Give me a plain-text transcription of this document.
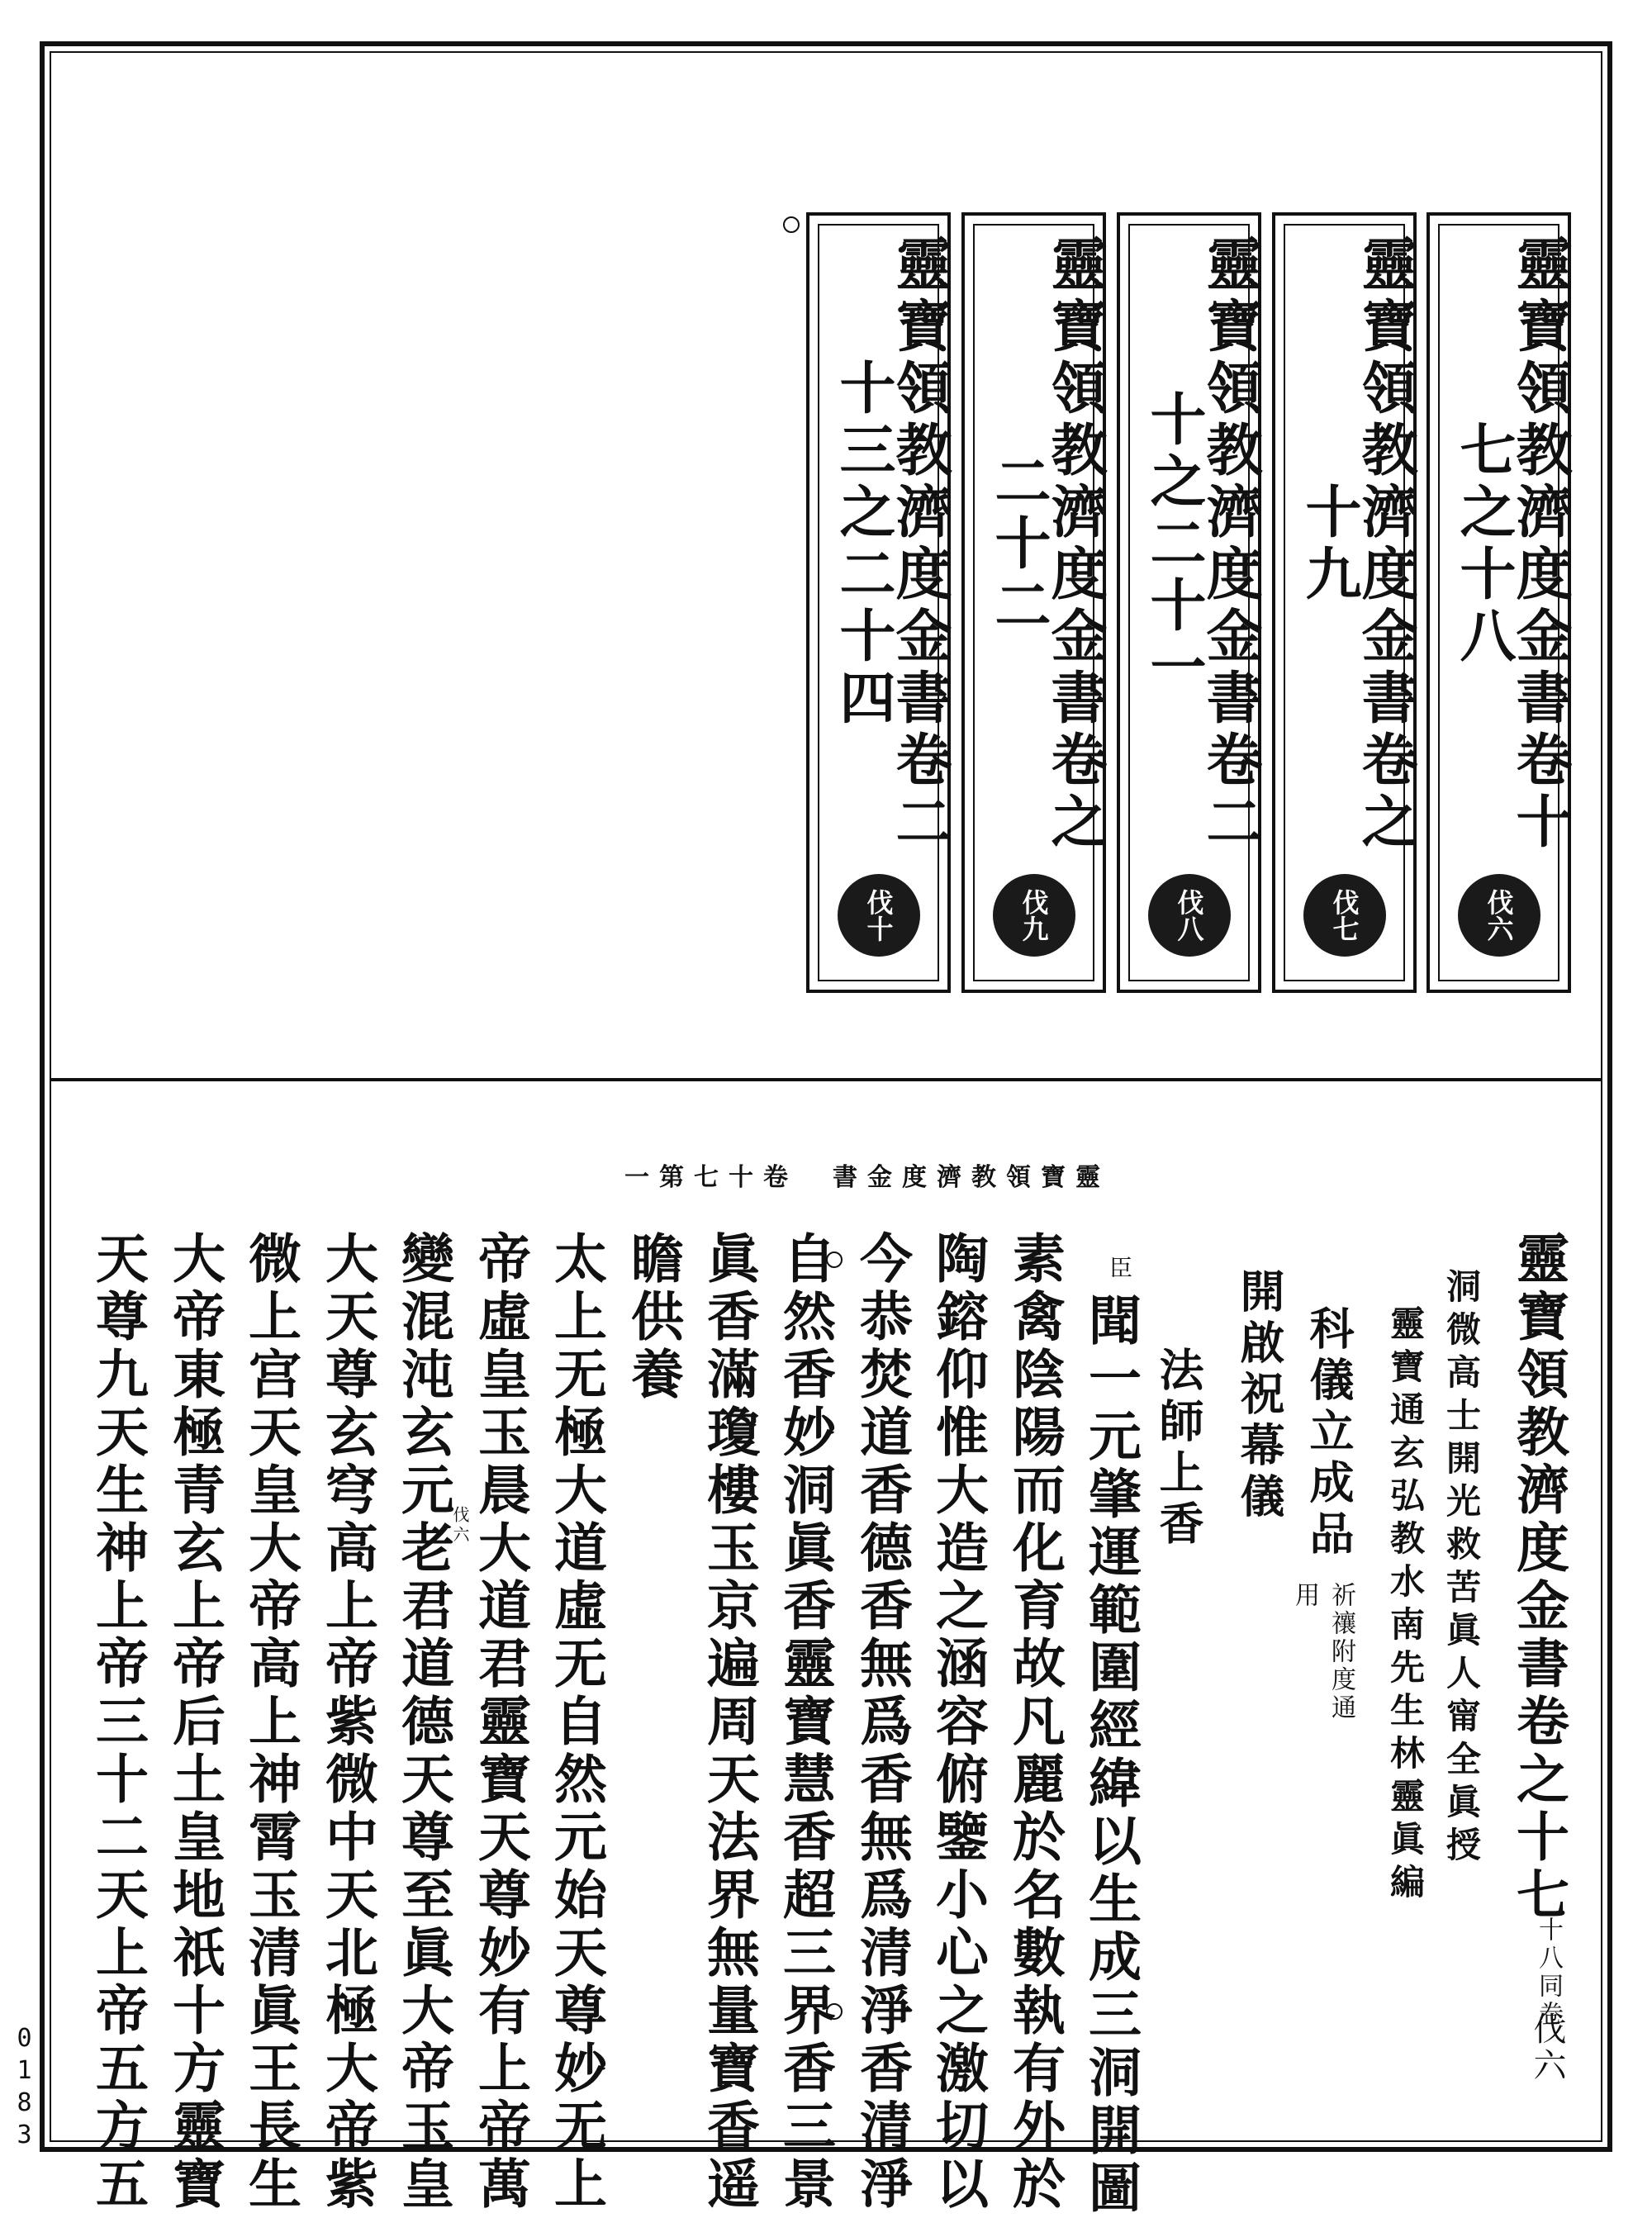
靈寶領教濟度金書卷十七之十八
伐六
靈寶領教濟度金書卷之十九
伐七
靈寶領教濟度金書卷二十之二十一
伐八
靈寶領教濟度金書卷之二十二
伐九
靈寶領教濟度金書卷二十三之二十四
伐十
一第七十卷　書金度濟教領寶靈
靈寶領教濟度金書卷之十七
十八同卷
伐六
洞微高士開光救苦眞人甯全眞授
靈寶通玄弘教水南先生林靈眞編
科儀立成品
祈禳附度通用
開啟祝幕儀
法師上香
臣
聞一元肇運範圍經緯以生成三洞開圖
素禽陰陽而化育故凡麗於名數執有外於
陶鎔仰惟大造之涵容俯鑒小心之激切以
今恭焚道香德香無爲香無爲清淨香清淨
自然香妙洞眞香靈寶慧香超三界香三景
眞香滿瓊樓玉京遍周天法界無量寶香遥
瞻供養
太上无極大道虛无自然元始天尊妙无上
帝虛皇玉晨大道君靈寶天尊妙有上帝萬
伐六
變混沌玄元老君道德天尊至眞大帝玉皇
大天尊玄穹高上帝紫微中天北極大帝紫
微上宫天皇大帝高上神霄玉清眞王長生
大帝東極青玄上帝后土皇地祇十方靈寶
天尊九天生神上帝三十二天上帝五方五
0183
